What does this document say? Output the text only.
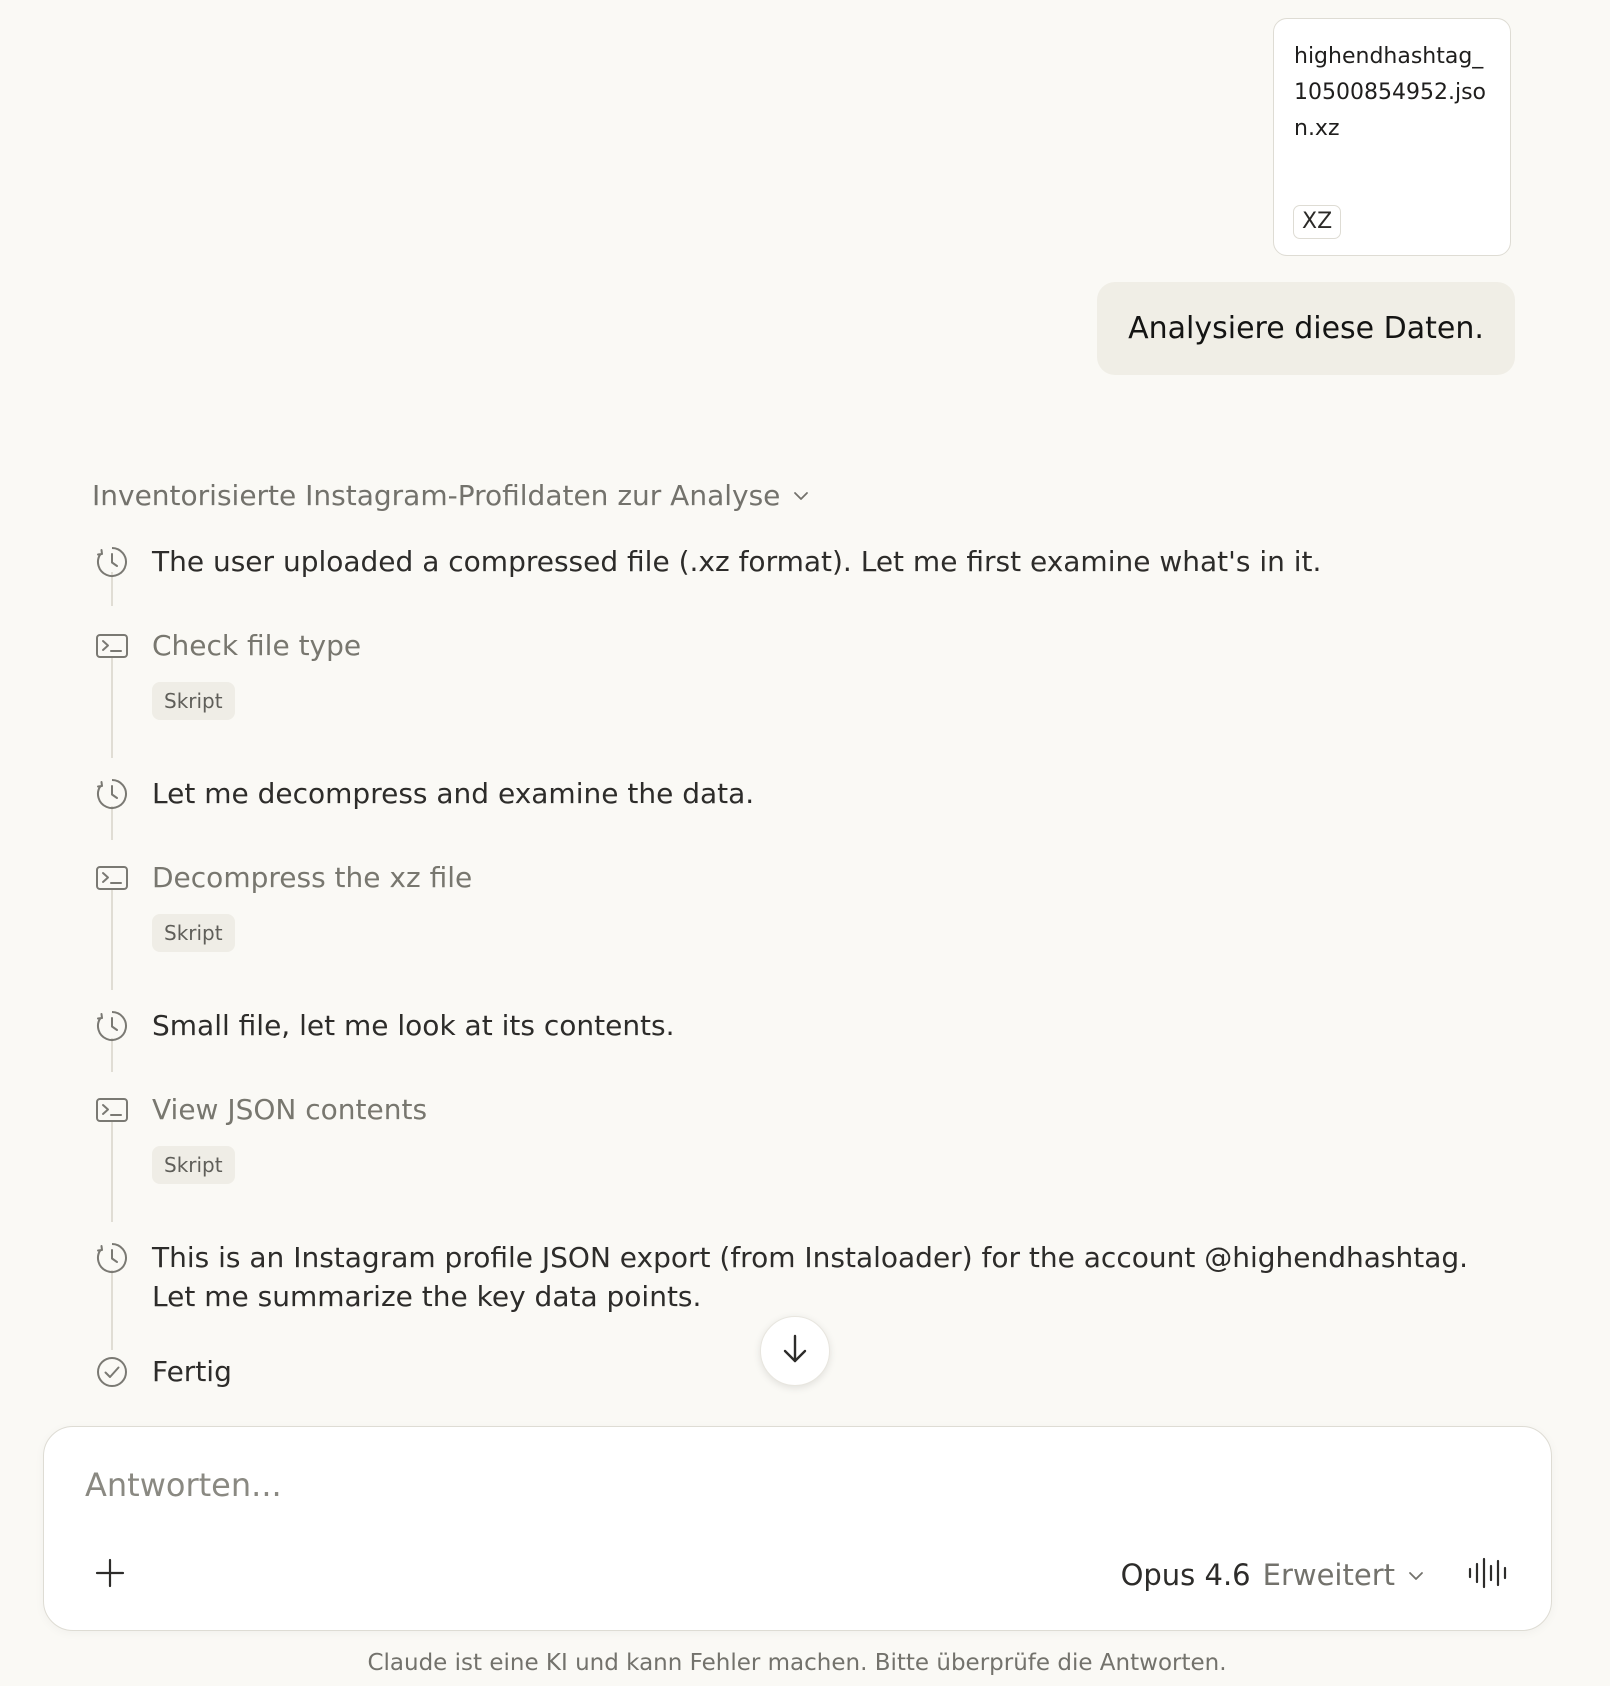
highendhashtag_10500854952.json.xz
XZ
Analysiere diese Daten.
Inventorisierte Instagram-Profildaten zur Analyse
The user uploaded a compressed file (.xz format). Let me first examine what's in it.
Check file type
Skript
Let me decompress and examine the data.
Decompress the xz file
Skript
Small file, let me look at its contents.
View JSON contents
Skript
This is an Instagram profile JSON export (from Instaloader) for the account @highendhashtag. Let me summarize the key data points.
Fertig
Antworten...
Opus 4.6 Erweitert
Claude ist eine KI und kann Fehler machen. Bitte überprüfe die Antworten.
